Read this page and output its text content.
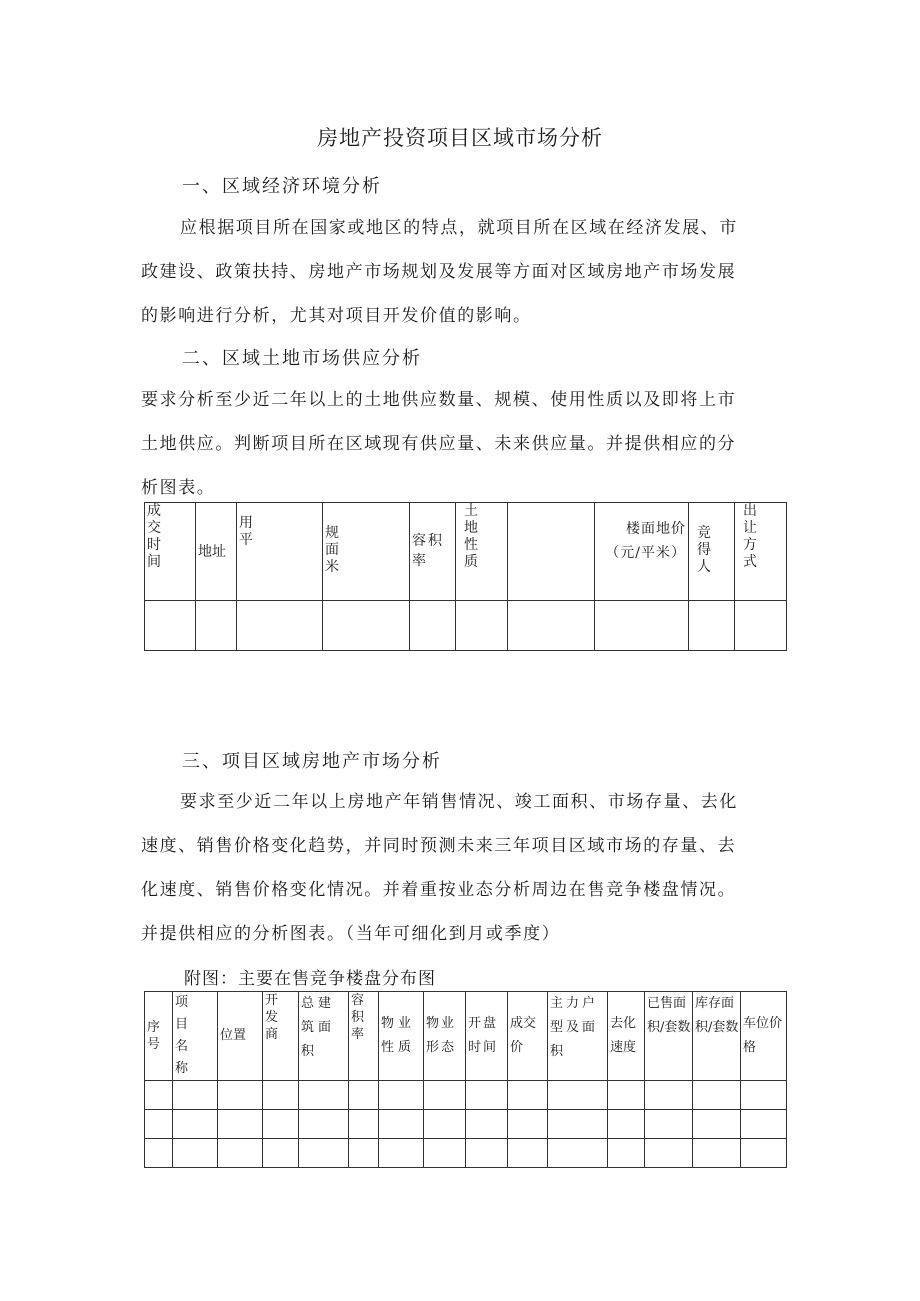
房地产投资项目区域市场分析
一、区域经济环境分析
应根据项目所在国家或地区的特点，就项目所在区域在经济发展、市
政建设、政策扶持、房地产市场规划及发展等方面对区域房地产市场发展
的影响进行分析，尤其对项目开发价值的影响。
二、区域土地市场供应分析
要求分析至少近二年以上的土地供应数量、规模、使用性质以及即将上市
土地供应。判断项目所在区域现有供应量、未来供应量。并提供相应的分
析图表。
成交时间	地址	用平	规面米	容积率	土地性质		楼面地价（元/平米）	竞得人	出让方式

三、项目区域房地产市场分析
要求至少近二年以上房地产年销售情况、竣工面积、市场存量、去化
速度、销售价格变化趋势，并同时预测未来三年项目区域市场的存量、去
化速度、销售价格变化情况。并着重按业态分析周边在售竞争楼盘情况。
并提供相应的分析图表。（当年可细化到月或季度）
附图：主要在售竞争楼盘分布图
序号	项目名称	位置	开发商	总建筑面积	容积率	物业性质	物业形态	开盘时间	成交价	主力户型及面积	去化速度	已售面积/套数	库存面积/套数	车位价格
